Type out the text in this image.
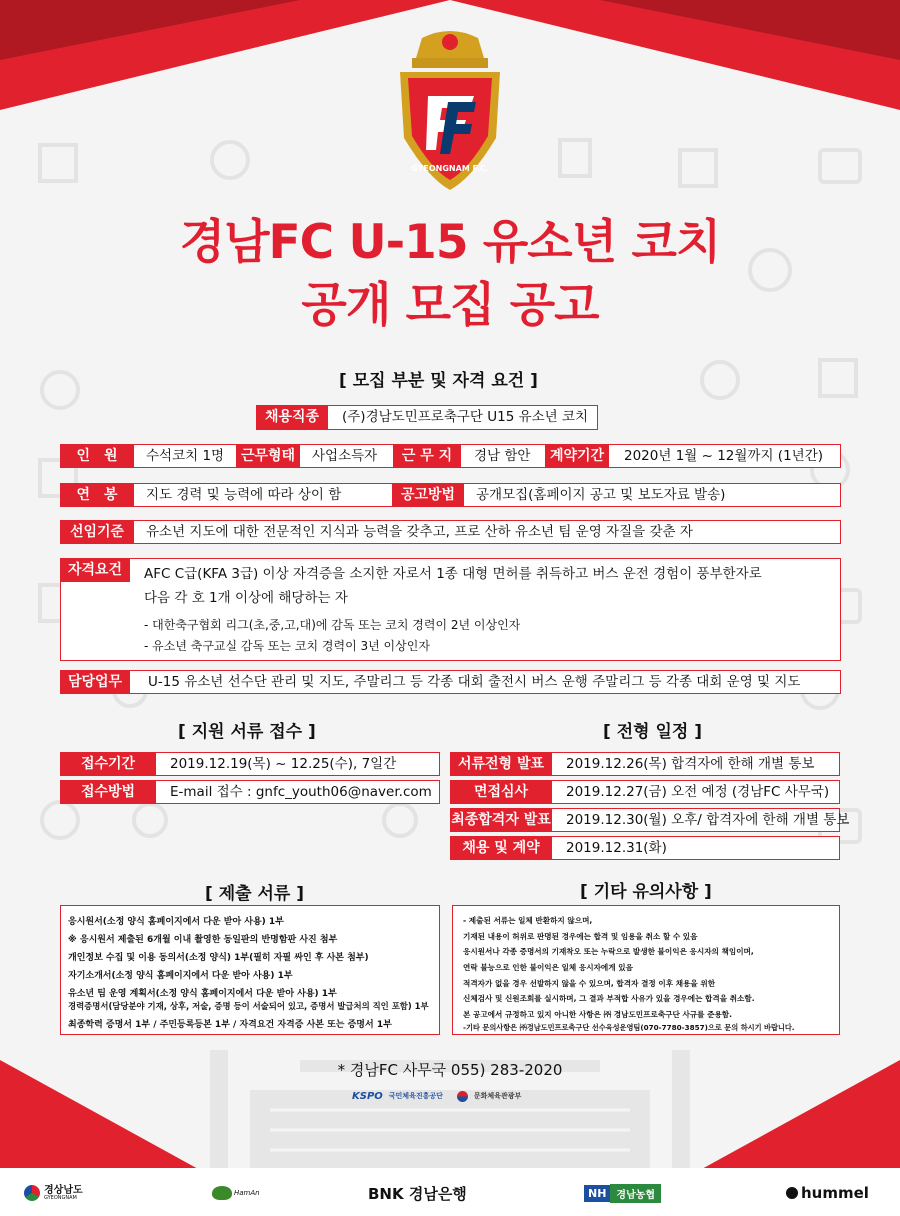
GYEONGNAM F.C.
경남FC U-15 유소년 코치
공개 모집 공고
[ 모집 부분 및 자격 요건 ]
채용직종	(주)경남도민프로축구단 U15 유소년 코치
인　원	수석코치 1명	근무형태	사업소득자	근 무 지	경남 함안	계약기간	2020년 1월 ~ 12월까지 (1년간)
연　봉	지도 경력 및 능력에 따라 상이 함	공고방법	공개모집(홈페이지 공고 및 보도자료 발송)
선임기준	유소년 지도에 대한 전문적인 지식과 능력을 갖추고, 프로 산하 유소년 팀 운영 자질을 갖춘 자
자격요건	AFC C급(KFA 3급) 이상 자격증을 소지한 자로서 1종 대형 면허를 취득하고 버스 운전 경험이 풍부한자로
다음 각 호 1개 이상에 해당하는 자
- 대한축구협회 리그(초,중,고,대)에 감독 또는 코치 경력이 2년 이상인자
- 유소년 축구교실 감독 또는 코치 경력이 3년 이상인자
담당업무	U-15 유소년 선수단 관리 및 지도, 주말리그 등 각종 대회 출전시 버스 운행 주말리그 등 각종 대회 운영 및 지도
[ 지원 서류 접수 ]
접수기간	2019.12.19(목) ~ 12.25(수), 7일간
접수방법	E-mail 접수 : gnfc_youth06@naver.com
[ 전형 일정 ]
서류전형 발표	2019.12.26(목) 합격자에 한해 개별 통보
면접심사	2019.12.27(금) 오전 예정 (경남FC 사무국)
최종합격자 발표	2019.12.30(월) 오후/ 합격자에 한해 개별 통보
채용 및 계약	2019.12.31(화)
[ 제출 서류 ]
응시원서(소정 양식 홈페이지에서 다운 받아 사용) 1부
※ 응시원서 제출된 6개월 이내 촬영한 동일판의 반명함판 사진 첨부
개인정보 수집 및 이용 동의서(소정 양식) 1부(필히 자필 싸인 후 사본 첨부)
자기소개서(소정 양식 홈페이지에서 다운 받아 사용) 1부
유소년 팀 운영 계획서(소정 양식 홈페이지에서 다운 받아 사용) 1부
경력증명서(담당분야 기재, 상후, 저술, 증명 등이 서술되어 있고, 증명서 발급처의 직인 포함) 1부
최종학력 증명서 1부 / 주민등록등본 1부 / 자격요건 자격증 사본 또는 증명서 1부
[ 기타 유의사항 ]
- 제출된 서류는 일체 반환하지 않으며,
기재된 내용이 허위로 판명된 경우에는 합격 및 임용을 취소 할 수 있음
응시원서나 각종 증명서의 기재착오 또는 누락으로 발생한 불이익은 응시자의 책임이며,
연락 불능으로 인한 불이익은 일체 응시자에게 있음
적격자가 없을 경우 선발하지 않을 수 있으며, 합격자 결정 이후 채용을 위한
신체검사 및 신원조회를 실시하며, 그 결과 부적합 사유가 있을 경우에는 합격을 취소함.
본 공고에서 규정하고 있지 아니한 사항은 ㈜ 경남도민프로축구단 사규를 준용함.
-기타 문의사항은 ㈜경남도민프로축구단 선수육성운영팀(070-7780-3857)으로 문의 하시기 바랍니다.
* 경남FC 사무국 055) 283-2020
KSPO 국민체육진흥공단	문화체육관광부
경상남도
GYEONGNAM
HamAn	BNK 경남은행	NH	경남농협	hummel
